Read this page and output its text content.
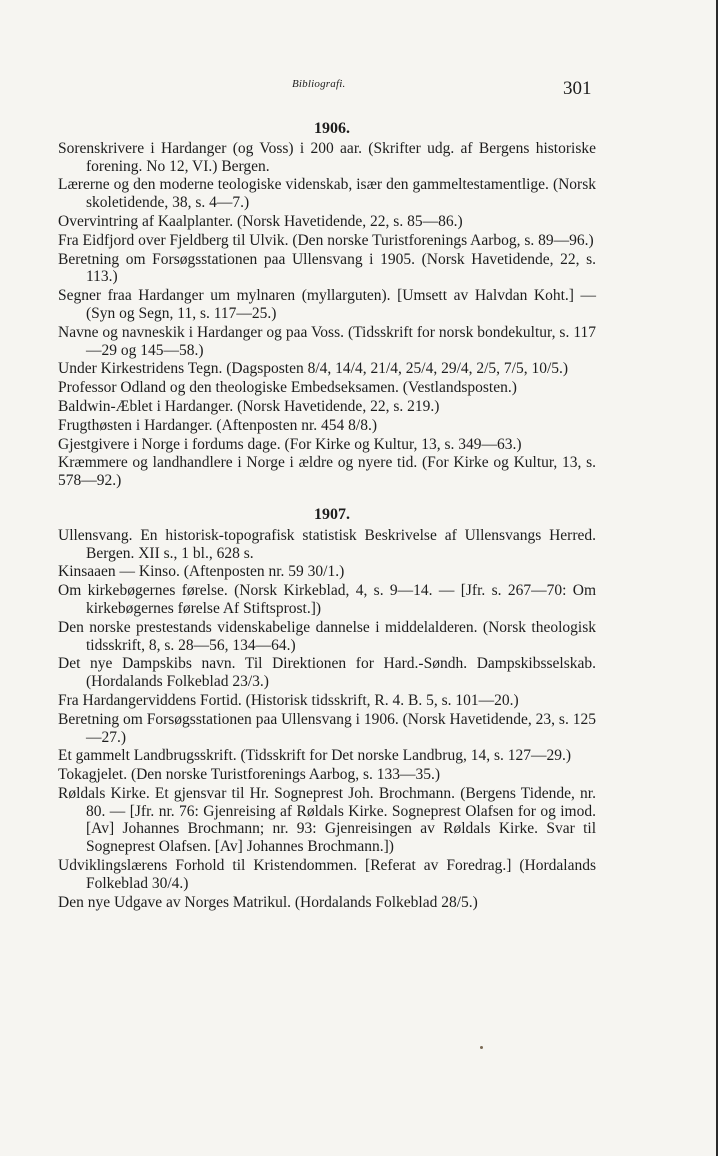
Bibliografi.	301
1906.

Sorenskrivere i Hardanger (og Voss) i 200 aar. (Skrifter udg. af Bergens historiske forening. No 12, VI.) Bergen.

Lærerne og den moderne teologiske videnskab, især den gammeltestamentlige. (Norsk skoletidende, 38, s. 4—7.)

Overvintring af Kaalplanter. (Norsk Havetidende, 22, s. 85—86.)

Fra Eidfjord over Fjeldberg til Ulvik. (Den norske Turistforenings Aarbog, s. 89—96.)

Beretning om Forsøgsstationen paa Ullensvang i 1905. (Norsk Havetidende, 22, s. 113.)

Segner fraa Hardanger um mylnaren (myllarguten). [Umsett av Halvdan Koht.] — (Syn og Segn, 11, s. 117—25.)

Navne og navneskik i Hardanger og paa Voss. (Tidsskrift for norsk bondekultur, s. 117—29 og 145—58.)

Under Kirkestridens Tegn. (Dagsposten 8/4, 14/4, 21/4, 25/4, 29/4, 2/5, 7/5, 10/5.)

Professor Odland og den theologiske Embedseksamen. (Vestlandsposten.)

Baldwin-Æblet i Hardanger. (Norsk Havetidende, 22, s. 219.)

Frugthøsten i Hardanger. (Aftenposten nr. 454 8/8.)

Gjestgivere i Norge i fordums dage. (For Kirke og Kultur, 13, s. 349—63.)

Kræmmere og landhandlere i Norge i ældre og nyere tid. (For Kirke og Kultur, 13, s. 578—92.)

1907.

Ullensvang. En historisk-topografisk statistisk Beskrivelse af Ullensvangs Herred. Bergen. XII s., 1 bl., 628 s.

Kinsaaen — Kinso. (Aftenposten nr. 59 30/1.)

Om kirkebøgernes førelse. (Norsk Kirkeblad, 4, s. 9—14. — [Jfr. s. 267—70: Om kirkebøgernes førelse Af Stiftsprost.])

Den norske prestestands videnskabelige dannelse i middelalderen. (Norsk theologisk tidsskrift, 8, s. 28—56, 134—64.)

Det nye Dampskibs navn. Til Direktionen for Hard.-Søndh. Dampskibsselskab. (Hordalands Folkeblad 23/3.)

Fra Hardangerviddens Fortid. (Historisk tidsskrift, R. 4. B. 5, s. 101—20.)

Beretning om Forsøgsstationen paa Ullensvang i 1906. (Norsk Havetidende, 23, s. 125—27.)

Et gammelt Landbrugsskrift. (Tidsskrift for Det norske Landbrug, 14, s. 127—29.)

Tokagjelet. (Den norske Turistforenings Aarbog, s. 133—35.)

Røldals Kirke. Et gjensvar til Hr. Sogneprest Joh. Brochmann. (Bergens Tidende, nr. 80. — [Jfr. nr. 76: Gjenreising af Røldals Kirke. Sogneprest Olafsen for og imod. [Av] Johannes Brochmann; nr. 93: Gjenreisingen av Røldals Kirke. Svar til Sogneprest Olafsen. [Av] Johannes Brochmann.])

Udviklingslærens Forhold til Kristendommen. [Referat av Foredrag.] (Hordalands Folkeblad 30/4.)

Den nye Udgave av Norges Matrikul. (Hordalands Folkeblad 28/5.)
